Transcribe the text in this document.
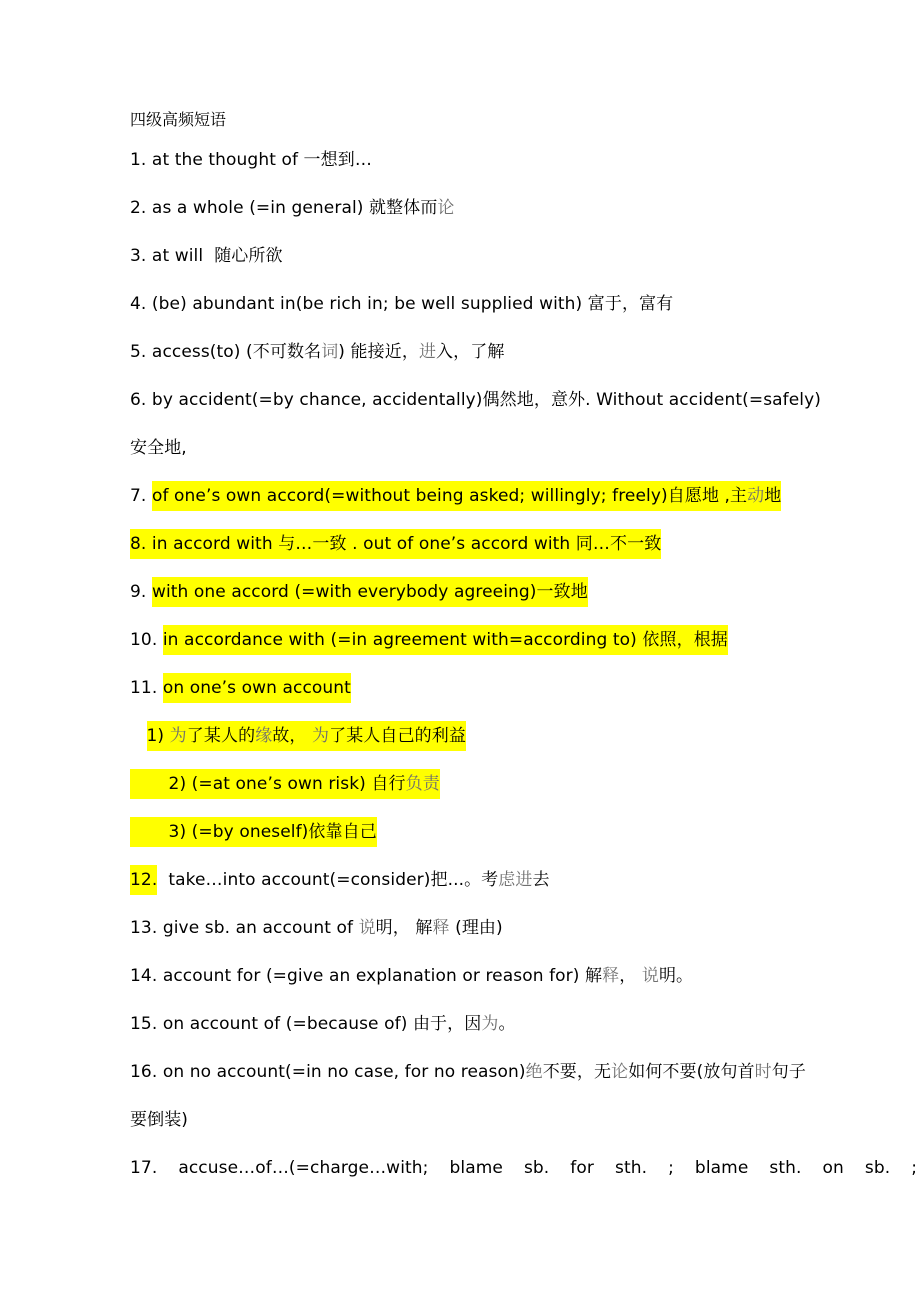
四级高频短语
1. at the thought of 一想到…
2. as a whole (=in general) 就整体而论
3. at will  随心所欲
4. (be) abundant in(be rich in; be well supplied with) 富于，富有
5. access(to) (不可数名词) 能接近，进入，了解
6. by accident(=by chance, accidentally)偶然地，意外. Without accident(=safely)
安全地,
7. of one’s own accord(=without being asked; willingly; freely)自愿地 ,主动地
8. in accord with 与…一致 . out of one’s accord with 同…不一致
9. with one accord (=with everybody agreeing)一致地
10. in accordance with (=in agreement with=according to) 依照，根据
11. on one’s own account
1) 为了某人的缘故， 为了某人自己的利益
2) (=at one’s own risk) 自行负责
3) (=by oneself)依靠自己
12.  take…into account(=consider)把...。考虑进去
13. give sb. an account of 说明， 解释 (理由)
14. account for (=give an explanation or reason for) 解释， 说明。
15. on account of (=because of) 由于，因为。
16. on no account(=in no case, for no reason)绝不要，无论如何不要(放句首时句子
要倒装)
17.  accuse…of…(=charge…with;  blame  sb.  for  sth.  ;  blame  sth.  on  sb.  ;
